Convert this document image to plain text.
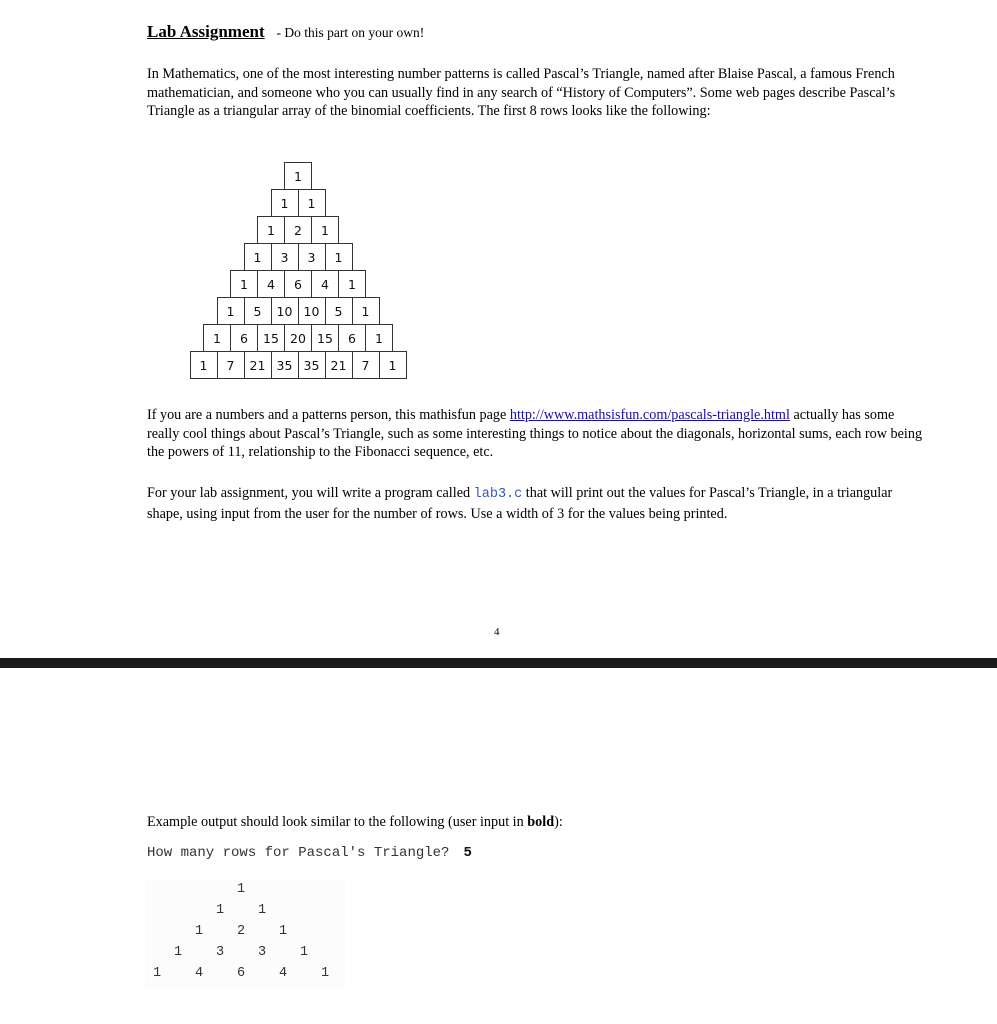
Lab Assignment - Do this part on your own!
In Mathematics, one of the most interesting number patterns is called Pascal’s Triangle, named after Blaise Pascal, a famous French mathematician, and someone who you can usually find in any search of “History of Computers”. Some web pages describe Pascal’s Triangle as a triangular array of the binomial coefficients. The first 8 rows looks like the following:
1
1	1
1	2	1
1	3	3	1
1	4	6	4	1
1	5	10 10	5	1
1	6	15 20 15	6	1
1	7	21 35 35 21	7	1
If you are a numbers and a patterns person, this mathisfun page http://www.mathsisfun.com/pascals-triangle.html actually has some really cool things about Pascal’s Triangle, such as some interesting things to notice about the diagonals, horizontal sums, each row being the powers of 11, relationship to the Fibonacci sequence, etc.
For your lab assignment, you will write a program called lab3.c that will print out the values for Pascal’s Triangle, in a triangular shape, using input from the user for the number of rows. Use a width of 3 for the values being printed.
4
Example output should look similar to the following (user input in bold):
How many rows for Pascal's Triangle? 5
1
1	1
1	2	1
1	3	3	1
1	4	6	4	1
